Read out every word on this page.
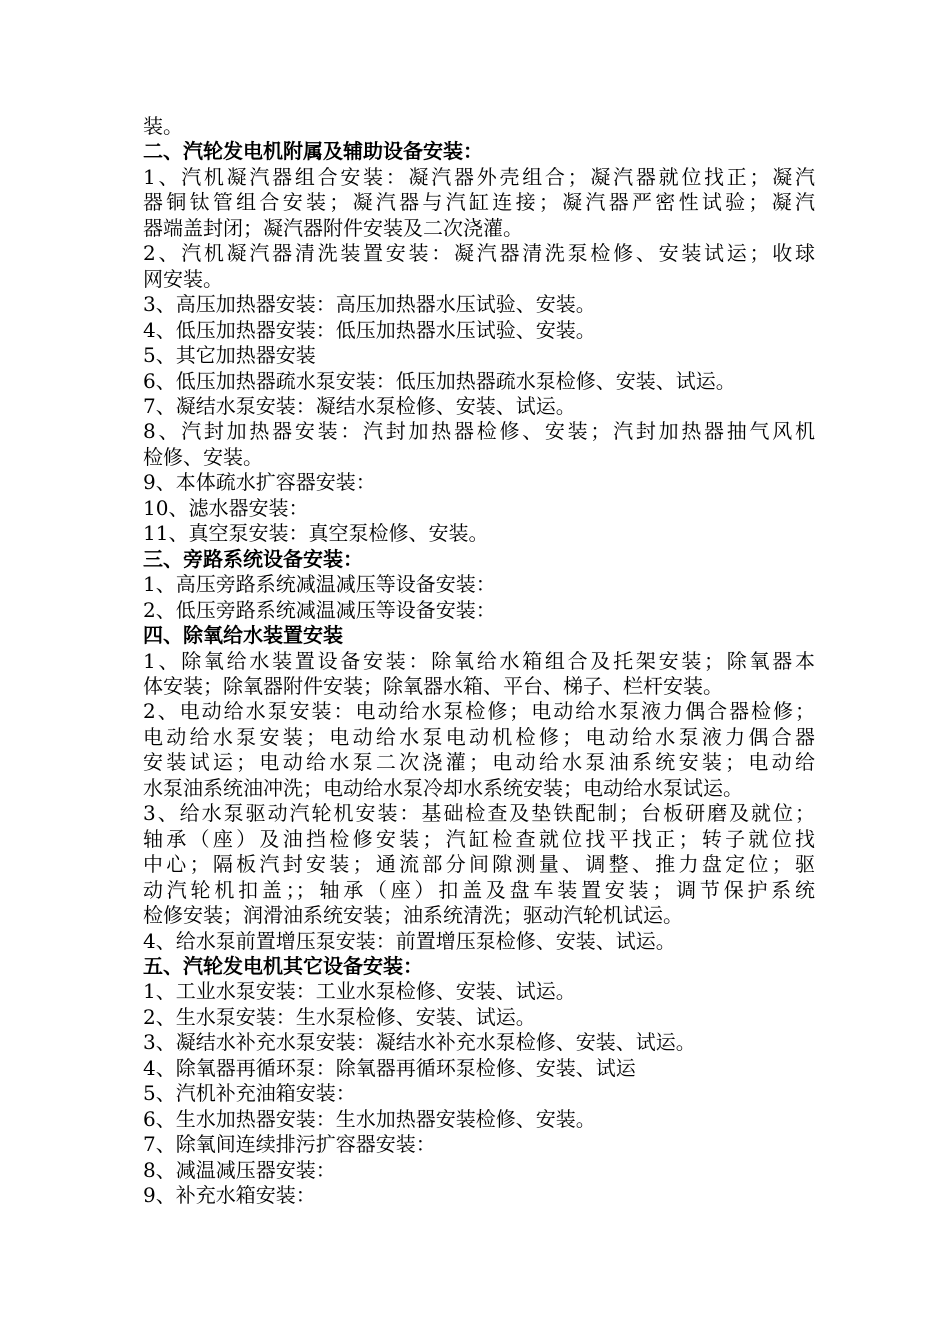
装。
二、汽轮发电机附属及辅助设备安装：
1、汽机凝汽器组合安装：凝汽器外壳组合；凝汽器就位找正；凝汽
器铜钛管组合安装；凝汽器与汽缸连接；凝汽器严密性试验；凝汽
器端盖封闭；凝汽器附件安装及二次浇灌。
2、汽机凝汽器清洗装置安装：凝汽器清洗泵检修、安装试运；收球
网安装。
3、高压加热器安装：高压加热器水压试验、安装。
4、低压加热器安装：低压加热器水压试验、安装。
5、其它加热器安装
6、低压加热器疏水泵安装：低压加热器疏水泵检修、安装、试运。
7、凝结水泵安装：凝结水泵检修、安装、试运。
8、汽封加热器安装：汽封加热器检修、安装；汽封加热器抽气风机
检修、安装。
9、本体疏水扩容器安装：
10、滤水器安装：
11、真空泵安装：真空泵检修、安装。
三、旁路系统设备安装：
1、高压旁路系统减温减压等设备安装：
2、低压旁路系统减温减压等设备安装：
四、除氧给水装置安装
1、除氧给水装置设备安装：除氧给水箱组合及托架安装；除氧器本
体安装；除氧器附件安装；除氧器水箱、平台、梯子、栏杆安装。
2、电动给水泵安装：电动给水泵检修；电动给水泵液力偶合器检修；
电动给水泵安装；电动给水泵电动机检修；电动给水泵液力偶合器
安装试运；电动给水泵二次浇灌；电动给水泵油系统安装；电动给
水泵油系统油冲洗；电动给水泵冷却水系统安装；电动给水泵试运。
3、给水泵驱动汽轮机安装：基础检查及垫铁配制；台板研磨及就位；
轴承（座）及油挡检修安装；汽缸检查就位找平找正；转子就位找
中心；隔板汽封安装；通流部分间隙测量、调整、推力盘定位；驱
动汽轮机扣盖；；轴承（座）扣盖及盘车装置安装；调节保护系统
检修安装；润滑油系统安装；油系统清洗；驱动汽轮机试运。
4、给水泵前置增压泵安装：前置增压泵检修、安装、试运。
五、汽轮发电机其它设备安装：
1、工业水泵安装：工业水泵检修、安装、试运。
2、生水泵安装：生水泵检修、安装、试运。
3、凝结水补充水泵安装：凝结水补充水泵检修、安装、试运。
4、除氧器再循环泵：除氧器再循环泵检修、安装、试运
5、汽机补充油箱安装：
6、生水加热器安装：生水加热器安装检修、安装。
7、除氧间连续排污扩容器安装：
8、减温减压器安装：
9、补充水箱安装：
